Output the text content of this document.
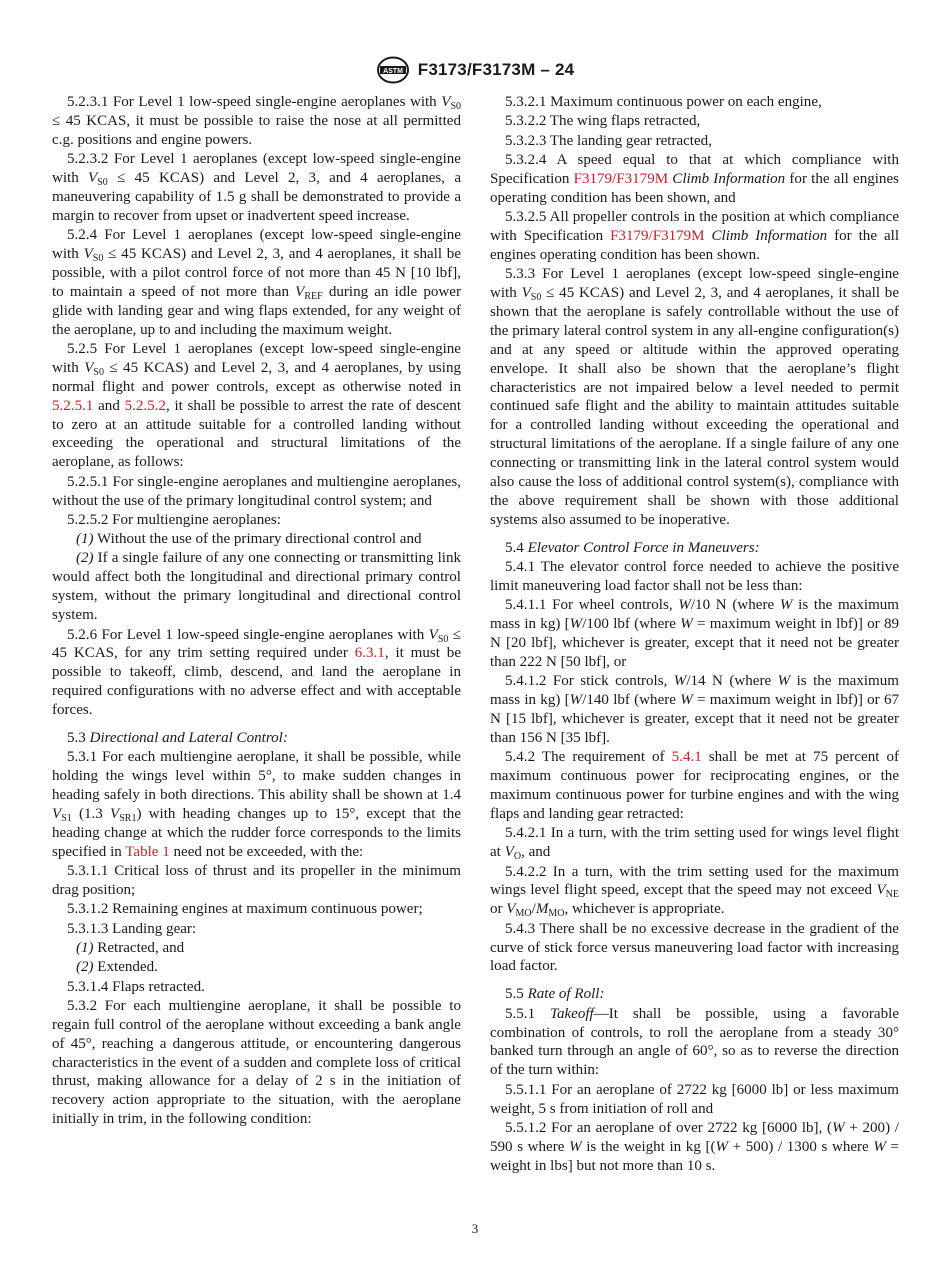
ASTM F3173/F3173M – 24

5.2.3.1 For Level 1 low-speed single-engine aeroplanes with $V_{S0} \le 45$ KCAS, it must be possible to raise the nose at all permitted c.g. positions and engine powers.

5.2.3.2 For Level 1 aeroplanes (except low-speed single-engine with $V_{S0} \le 45$ KCAS) and Level 2, 3, and 4 aeroplanes, a maneuvering capability of 1.5 g shall be demonstrated to provide a margin to recover from upset or inadvertent speed increase.

5.2.4 For Level 1 aeroplanes (except low-speed single-engine with $V_{S0} \le 45$ KCAS) and Level 2, 3, and 4 aeroplanes, it shall be possible, with a pilot control force of not more than 45 N [10 lbf], to maintain a speed of not more than $V_{REF}$ during an idle power glide with landing gear and wing flaps extended, for any weight of the aeroplane, up to and including the maximum weight.

5.2.5 For Level 1 aeroplanes (except low-speed single-engine with $V_{S0} \le 45$ KCAS) and Level 2, 3, and 4 aeroplanes, by using normal flight and power controls, except as otherwise noted in 5.2.5.1 and 5.2.5.2, it shall be possible to arrest the rate of descent to zero at an attitude suitable for a controlled landing without exceeding the operational and structural limitations of the aeroplane, as follows:

5.2.5.1 For single-engine aeroplanes and multiengine aeroplanes, without the use of the primary longitudinal control system; and

5.2.5.2 For multiengine aeroplanes:

(1) Without the use of the primary directional control and

(2) If a single failure of any one connecting or transmitting link would affect both the longitudinal and directional primary control system, without the primary longitudinal and directional control system.

5.2.6 For Level 1 low-speed single-engine aeroplanes with $V_{S0} \le 45$ KCAS, for any trim setting required under 6.3.1, it must be possible to takeoff, climb, descend, and land the aeroplane in required configurations with no adverse effect and with acceptable forces.

5.3 Directional and Lateral Control:

5.3.1 For each multiengine aeroplane, it shall be possible, while holding the wings level within 5°, to make sudden changes in heading safely in both directions. This ability shall be shown at 1.4 $V_{S1}$ (1.3 $V_{SR1}$) with heading changes up to 15°, except that the heading change at which the rudder force corresponds to the limits specified in Table 1 need not be exceeded, with the:

5.3.1.1 Critical loss of thrust and its propeller in the minimum drag position;

5.3.1.2 Remaining engines at maximum continuous power;

5.3.1.3 Landing gear:

(1) Retracted, and

(2) Extended.

5.3.1.4 Flaps retracted.

5.3.2 For each multiengine aeroplane, it shall be possible to regain full control of the aeroplane without exceeding a bank angle of 45°, reaching a dangerous attitude, or encountering dangerous characteristics in the event of a sudden and complete loss of critical thrust, making allowance for a delay of 2 s in the initiation of recovery action appropriate to the situation, with the aeroplane initially in trim, in the following condition:

5.3.2.1 Maximum continuous power on each engine,

5.3.2.2 The wing flaps retracted,

5.3.2.3 The landing gear retracted,

5.3.2.4 A speed equal to that at which compliance with Specification F3179/F3179M Climb Information for the all engines operating condition has been shown, and

5.3.2.5 All propeller controls in the position at which compliance with Specification F3179/F3179M Climb Information for the all engines operating condition has been shown.

5.3.3 For Level 1 aeroplanes (except low-speed single-engine with $V_{S0} \le 45$ KCAS) and Level 2, 3, and 4 aeroplanes, it shall be shown that the aeroplane is safely controllable without the use of the primary lateral control system in any all-engine configuration(s) and at any speed or altitude within the approved operating envelope. It shall also be shown that the aeroplane’s flight characteristics are not impaired below a level needed to permit continued safe flight and the ability to maintain attitudes suitable for a controlled landing without exceeding the operational and structural limitations of the aeroplane. If a single failure of any one connecting or transmitting link in the lateral control system would also cause the loss of additional control system(s), compliance with the above requirement shall be shown with those additional systems also assumed to be inoperative.

5.4 Elevator Control Force in Maneuvers:

5.4.1 The elevator control force needed to achieve the positive limit maneuvering load factor shall not be less than:

5.4.1.1 For wheel controls, W/10 N (where W is the maximum mass in kg) [W/100 lbf (where W = maximum weight in lbf)] or 89 N [20 lbf], whichever is greater, except that it need not be greater than 222 N [50 lbf], or

5.4.1.2 For stick controls, W/14 N (where W is the maximum mass in kg) [W/140 lbf (where W = maximum weight in lbf)] or 67 N [15 lbf], whichever is greater, except that it need not be greater than 156 N [35 lbf].

5.4.2 The requirement of 5.4.1 shall be met at 75 percent of maximum continuous power for reciprocating engines, or the maximum continuous power for turbine engines and with the wing flaps and landing gear retracted:

5.4.2.1 In a turn, with the trim setting used for wings level flight at $V_O$, and

5.4.2.2 In a turn, with the trim setting used for the maximum wings level flight speed, except that the speed may not exceed $V_{NE}$ or $V_{MO}/M_{MO}$, whichever is appropriate.

5.4.3 There shall be no excessive decrease in the gradient of the curve of stick force versus maneuvering load factor with increasing load factor.

5.5 Rate of Roll:

5.5.1 Takeoff—It shall be possible, using a favorable combination of controls, to roll the aeroplane from a steady 30° banked turn through an angle of 60°, so as to reverse the direction of the turn within:

5.5.1.1 For an aeroplane of 2722 kg [6000 lb] or less maximum weight, 5 s from initiation of roll and

5.5.1.2 For an aeroplane of over 2722 kg [6000 lb], (W + 200) / 590 s where W is the weight in kg [(W + 500) / 1300 s where W = weight in lbs] but not more than 10 s.

3
